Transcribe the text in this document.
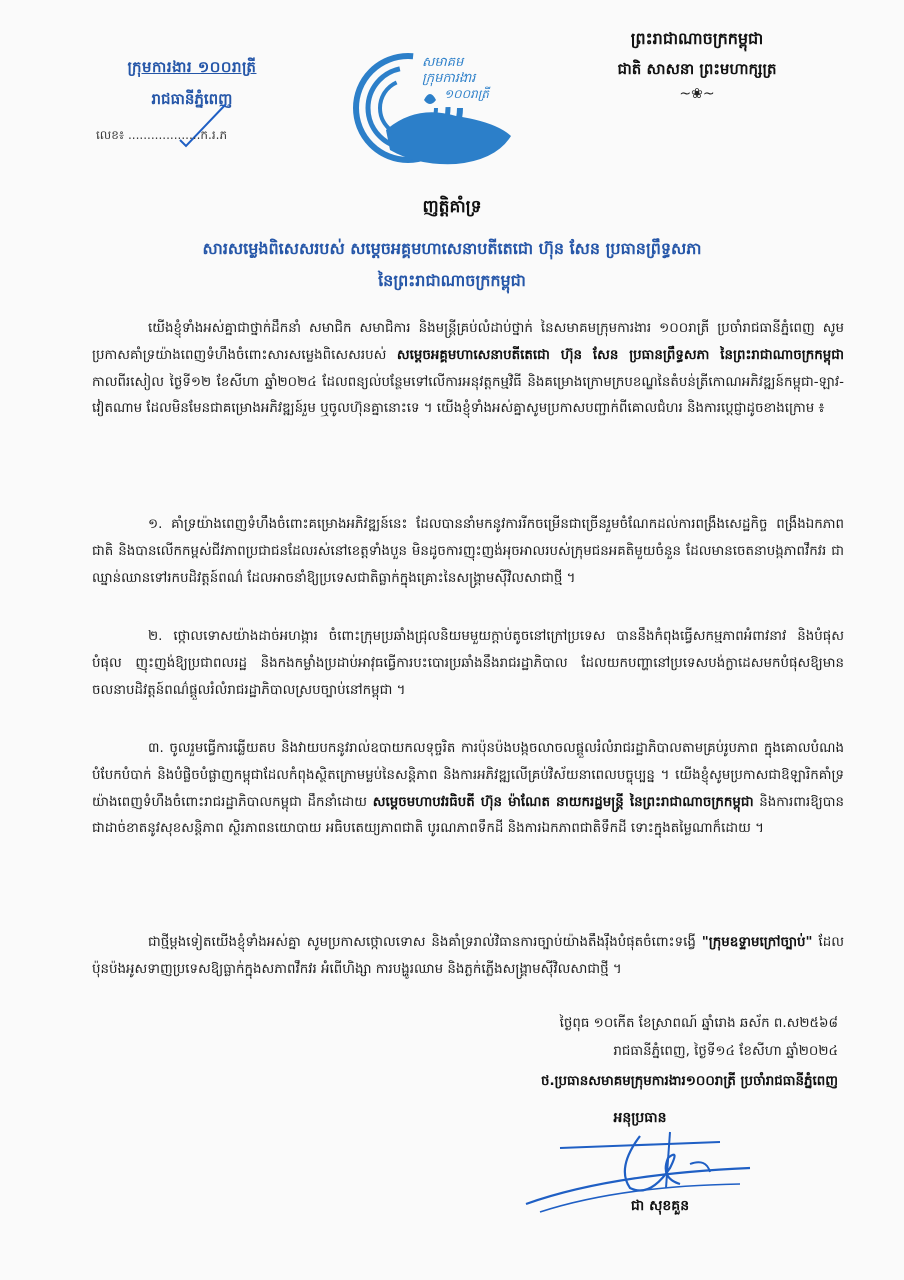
ក្រុមការងារ ១០០រាត្រី
រាជធានីភ្នំពេញ
លេខ៖ ...................ក.រ.ភ
សមាគម
ក្រុមការងារ
១០០រាត្រី
ព្រះរាជាណាចក្រកម្ពុជា
ជាតិ សាសនា ព្រះមហាក្សត្រ
~❀~
ញត្តិគាំទ្រ
សារសម្លេងពិសេសរបស់ សម្តេចអគ្គមហាសេនាបតីតេជោ ហ៊ុន សែន ប្រធានព្រឹទ្ធសភា
នៃព្រះរាជាណាចក្រកម្ពុជា
យើងខ្ញុំទាំងអស់គ្នាជាថ្នាក់ដឹកនាំ សមាជិក សមាជិការ និងមន្ត្រីគ្រប់លំដាប់ថ្នាក់ នៃសមាគមក្រុមការងារ ១០០រាត្រី ប្រចាំរាជធានីភ្នំពេញ សូមប្រកាសគាំទ្រយ៉ាងពេញទំហឹងចំពោះសារសម្លេងពិសេសរបស់ សម្តេចអគ្គមហាសេនាបតីតេជោ ហ៊ុន សែន ប្រធានព្រឹទ្ធសភា នៃព្រះរាជាណាចក្រកម្ពុជា កាលពីរសៀល ថ្ងៃទី១២ ខែសីហា ឆ្នាំ២០២៤ ដែលពន្យល់បន្ថែមទៅលើការអនុវត្តកម្មវិធី និងគម្រោងក្រោមក្របខណ្ឌនៃតំបន់ត្រីកោណអភិវឌ្ឍន៍កម្ពុជា-ឡាវ-វៀតណាម ដែលមិនមែនជាគម្រោងអភិវឌ្ឍន៍រួម ឬចូលហ៊ុនគ្នានោះទេ ។ យើងខ្ញុំទាំងអស់គ្នាសូមប្រកាសបញ្ជាក់ពីគោលជំហរ និងការប្តេជ្ញាដូចខាងក្រោម ៖
១. គាំទ្រយ៉ាងពេញទំហឹងចំពោះគម្រោងអភិវឌ្ឍន៍នេះ ដែលបាននាំមកនូវការរីកចម្រើនជាច្រើនរួមចំណែកដល់ការពង្រឹងសេដ្ឋកិច្ច ពង្រឹងឯកភាពជាតិ និងបានលើកកម្ពស់ជីវភាពប្រជាជនដែលរស់នៅខេត្តទាំងបួន មិនដូចការញុះញង់អុចអាលរបស់ក្រុមជនអគតិមួយចំនួន ដែលមានចេតនាបង្កភាពវឹកវរ ជាឈ្នាន់ឈានទៅរកបដិវត្តន៍ពណ៌ ដែលអាចនាំឱ្យប្រទេសជាតិធ្លាក់ក្នុងគ្រោះនៃសង្គ្រាមស៊ីវិលសាជាថ្មី ។
២. ថ្កោលទោសយ៉ាងដាច់អហង្ការ ចំពោះក្រុមប្រឆាំងជ្រុលនិយមមួយក្តាប់តូចនៅក្រៅប្រទេស បាននឹងកំពុងធ្វើសកម្មភាពអំពាវនាវ និងបំផុសបំផុល ញុះញង់ឱ្យប្រជាពលរដ្ឋ និងកងកម្លាំងប្រដាប់អាវុធធ្វើការបះបោរប្រឆាំងនឹងរាជរដ្ឋាភិបាល ដែលយកបញ្ហានៅប្រទេសបង់ក្លាដេសមកបំផុសឱ្យមានចលនាបដិវត្តន៍ពណ៌ផ្តួលរំលំរាជរដ្ឋាភិបាលស្របច្បាប់នៅកម្ពុជា ។
៣. ចូលរួមធ្វើការឆ្លើយតប និងវាយបកនូវរាល់ឧបាយកលទុច្ចរិត ការប៉ុនប៉ងបង្កចលាចលផ្តួលរំលំរាជរដ្ឋាភិបាលតាមគ្រប់រូបភាព ក្នុងគោលបំណងបំបែកបំបាក់ និងបំផ្លិចបំផ្លាញកម្ពុជាដែលកំពុងស្ថិតក្រោមម្លប់នៃសន្តិភាព និងការអភិវឌ្ឍលើគ្រប់វិស័យនាពេលបច្ចុប្បន្ន ។ យើងខ្ញុំសូមប្រកាសជាឱឡារិកគាំទ្រយ៉ាងពេញទំហឹងចំពោះរាជរដ្ឋាភិបាលកម្ពុជា ដឹកនាំដោយ សម្តេចមហាបវរធិបតី ហ៊ុន ម៉ាណែត នាយករដ្ឋមន្ត្រី នៃព្រះរាជាណាចក្រកម្ពុជា និងការពារឱ្យបានជាដាច់ខាតនូវសុខសន្តិភាព ស្ថិរភាពនយោបាយ អធិបតេយ្យភាពជាតិ បូរណភាពទឹកដី និងការឯកភាពជាតិទឹកដី ទោះក្នុងតម្លៃណាក៏ដោយ ។
ជាថ្មីម្តងទៀតយើងខ្ញុំទាំងអស់គ្នា សូមប្រកាសថ្កោលទោស និងគាំទ្ររាល់វិធានការច្បាប់យ៉ាងតឹងរ៉ឹងបំផុតចំពោះទង្វើ "ក្រុមឧទ្ទាមក្រៅច្បាប់" ដែលប៉ុនប៉ងអូសទាញប្រទេសឱ្យធ្លាក់ក្នុងសភាពវឹកវរ អំពើហិង្សា ការបង្ហូរឈាម និងភ្លក់ភ្លើងសង្គ្រាមស៊ីវិលសាជាថ្មី ។
ថ្ងៃពុធ ១០កើត ខែស្រាពណ៍ ឆ្នាំរោង ឆស័ក ព.ស២៥៦៨
រាជធានីភ្នំពេញ, ថ្ងៃទី១៤ ខែសីហា ឆ្នាំ២០២៤
ថ.ប្រធានសមាគមក្រុមការងារ១០០រាត្រី ប្រចាំរាជធានីភ្នំពេញ
អនុប្រធាន
ជា សុខគួន
